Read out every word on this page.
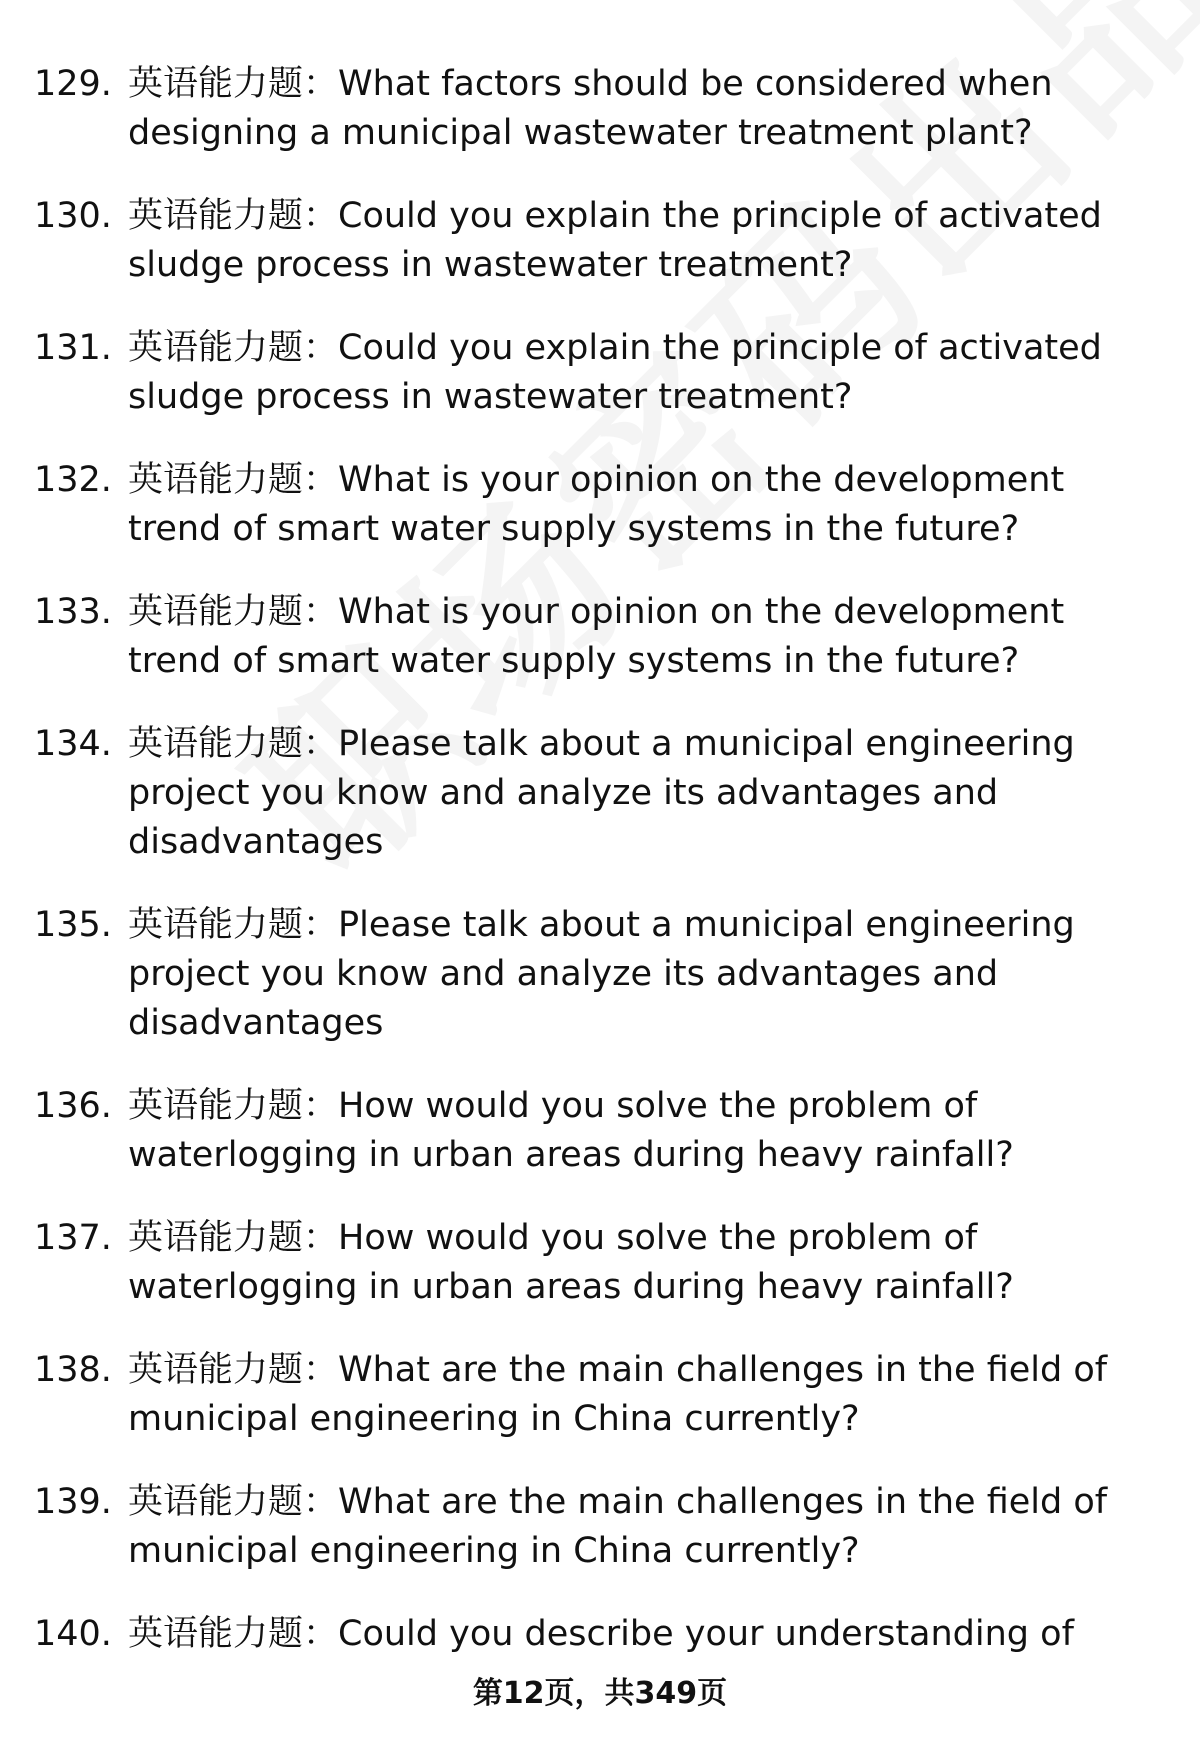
129. 英语能力题：What factors should be considered when designing a municipal wastewater treatment plant?
130. 英语能力题：Could you explain the principle of activated sludge process in wastewater treatment?
131. 英语能力题：Could you explain the principle of activated sludge process in wastewater treatment?
132. 英语能力题：What is your opinion on the development trend of smart water supply systems in the future?
133. 英语能力题：What is your opinion on the development trend of smart water supply systems in the future?
134. 英语能力题：Please talk about a municipal engineering project you know and analyze its advantages and disadvantages
135. 英语能力题：Please talk about a municipal engineering project you know and analyze its advantages and disadvantages
136. 英语能力题：How would you solve the problem of waterlogging in urban areas during heavy rainfall?
137. 英语能力题：How would you solve the problem of waterlogging in urban areas during heavy rainfall?
138. 英语能力题：What are the main challenges in the field of municipal engineering in China currently?
139. 英语能力题：What are the main challenges in the field of municipal engineering in China currently?
140. 英语能力题：Could you describe your understanding of
第12页，共349页
